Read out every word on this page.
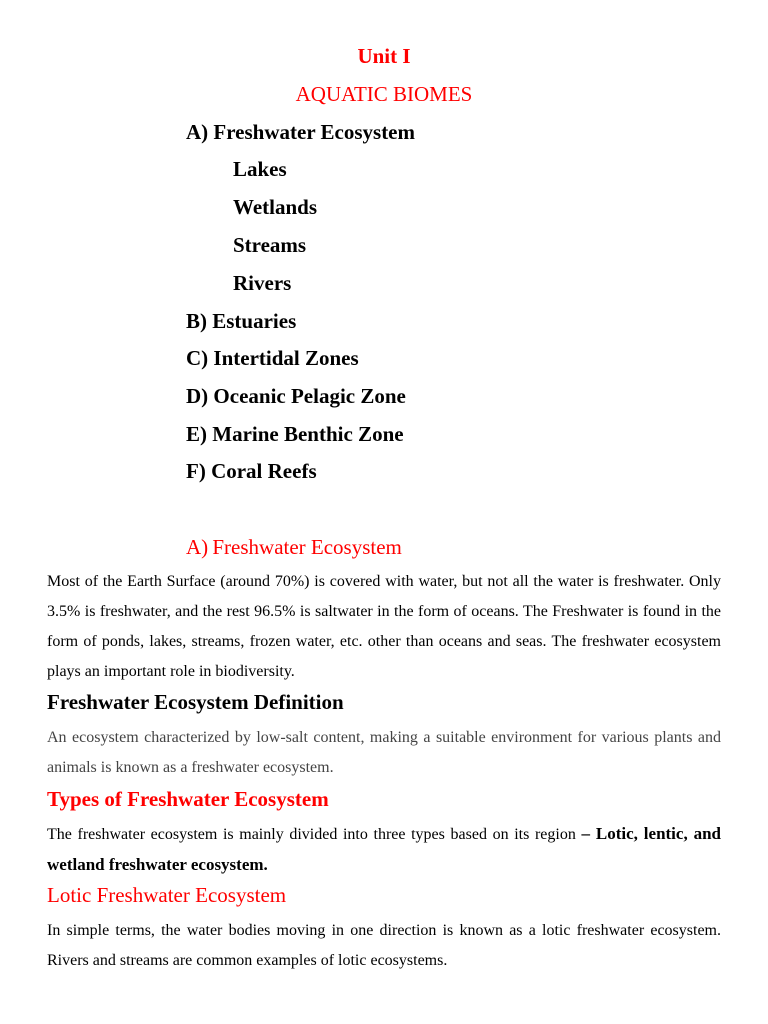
Unit I
AQUATIC BIOMES
A) Freshwater Ecosystem
Lakes
Wetlands
Streams
Rivers
B) Estuaries
C) Intertidal Zones
D) Oceanic Pelagic Zone
E) Marine Benthic Zone
F) Coral Reefs
A) Freshwater Ecosystem
Most of the Earth Surface (around 70%) is covered with water, but not all the water is freshwater. Only 3.5% is freshwater, and the rest 96.5% is saltwater in the form of oceans. The Freshwater is found in the form of ponds, lakes, streams, frozen water, etc. other than oceans and seas. The freshwater ecosystem plays an important role in biodiversity.
Freshwater Ecosystem Definition
An ecosystem characterized by low-salt content, making a suitable environment for various plants and animals is known as a freshwater ecosystem.
Types of Freshwater Ecosystem
The freshwater ecosystem is mainly divided into three types based on its region – Lotic, lentic, and wetland freshwater ecosystem.
Lotic Freshwater Ecosystem
In simple terms, the water bodies moving in one direction is known as a lotic freshwater ecosystem. Rivers and streams are common examples of lotic ecosystems.
